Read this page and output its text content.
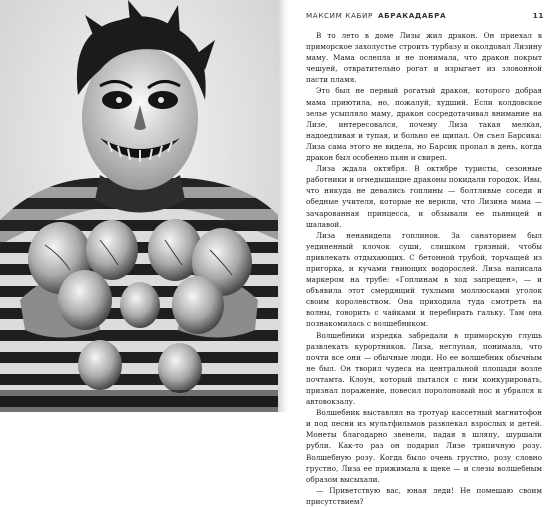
МАКСИМ КАБИР АБРАКАДАБРА	11

В то лето в доме Лизы жил дракон. Он приехал в приморское захолустье строить турбазу и околдовал Лизину маму. Мама ослепла и не понимала, что дракон покрыт чешуей, отвратительно рогат и изрыгает из зловонной пасти пламя.

Это был не первый рогатый дракон, которого добрая мама приютила, но, пожалуй, худший. Если колдовское зелье усыпляло маму, дракон сосредотачивал внимание на Лизе, интересовался, почему Лиза такая мелкая, надоедливая и тупая, и больно ее щипал. Он съел Барсика: Лиза сама этого не видела, но Барсик пропал в день, когда дракон был особенно пьян и свиреп.

Лиза ждала октября. В октябре туристы, сезонные работники и огнедышащие драконы покидали городок. Ивы, что никуда не девались гоплины — болтливые соседи и обедные учителя, которые не верили, что Лизина мама — зачарованная принцесса, и обзывали ее пьяницей и шалавой.

Лиза ненавидела гоплинов. За санаторием был уединенный клочок суши, слишком грязный, чтобы привлекать отдыхающих. С бетонной трубой, торчащей из пригорка, и кучами гниющих водорослей. Лиза написала маркером на трубе: «Гоплинам в ход запрещен», — и объявила этот смердящий тухлыми моллюсками уголок своим королевством. Она приходила туда смотреть на волны, говорить с чайками и перебирать гальку. Там она познакомилась с волшебником.

Волшебники изредка забредали в приморскую глушь развлекать курортников. Лиза, неглупая, понимала, что почти все они — обычные люди. Но ее волшебник обычным не был. Он творил чудеса на центральной площади возле почтамта. Клоун, который пытался с ним конкурировать, признал поражение, повесил поролоновый нос и убрался к автовокзалу.

Волшебник выставлял на тротуар кассетный магнитофон и под песни из мультфильмов развлекал взрослых и детей. Монеты благодарно звенели, падая в шляпу, шуршали рубли. Как-то раз он подарил Лизе тряпичную розу. Волшебную розу. Когда было очень грустно, розу словно грустно, Лиза ее прижимала к щеке — и слезы волшебным образом высыхали.

— Приветствую вас, юная леди! Не помешаю своим присутствием?
